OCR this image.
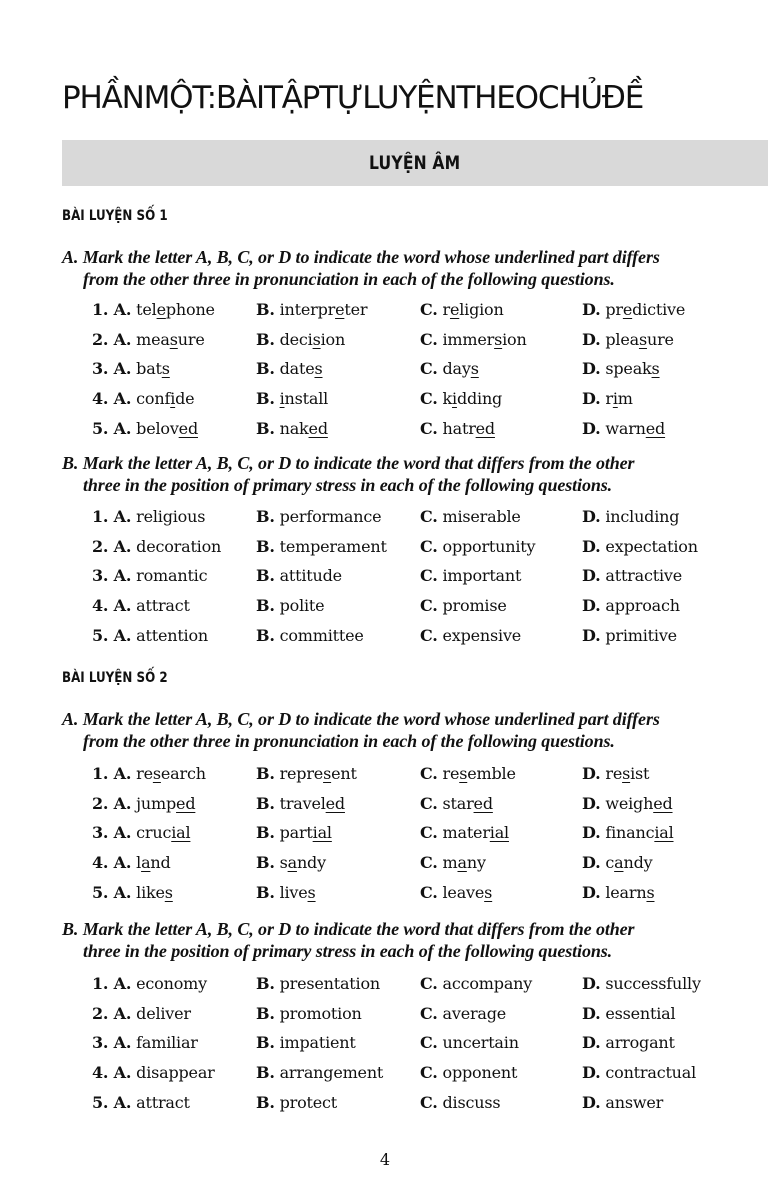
PHẦNMỘT:BÀITẬPTỰLUYỆNTHEOCHỦĐỀ
LUYỆN ÂM
BÀI LUYỆN SỐ 1
A. Mark the letter A, B, C, or D to indicate the word whose underlined part differs
from the other three in pronunciation in each of the following questions.
1. A. telephone	B. interpreter	C. religion	D. predictive
2. A. measure	B. decision	C. immersion	D. pleasure
3. A. bats	B. dates	C. days	D. speaks
4. A. confide	B. install	C. kidding	D. rim
5. A. beloved	B. naked	C. hatred	D. warned
B. Mark the letter A, B, C, or D to indicate the word that differs from the other
three in the position of primary stress in each of the following questions.
1. A. religious	B. performance C. miserable	D. including
2. A. decoration B. temperament C. opportunity	D. expectation
3. A. romantic	B. attitude	C. important	D. attractive
4. A. attract	B. polite	C. promise	D. approach
5. A. attention	B. committee	C. expensive	D. primitive
BÀI LUYỆN SỐ 2
A. Mark the letter A, B, C, or D to indicate the word whose underlined part differs
from the other three in pronunciation in each of the following questions.
1. A. research	B. represent	C. resemble	D. resist
2. A. jumped	B. traveled	C. stared	D. weighed
3. A. crucial	B. partial	C. material	D. financial
4. A. land	B. sandy	C. many	D. candy
5. A. likes	B. lives	C. leaves	D. learns
B. Mark the letter A, B, C, or D to indicate the word that differs from the other
three in the position of primary stress in each of the following questions.
1. A. economy	B. presentation	C. accompany	D. successfully
2. A. deliver	B. promotion	C. average	D. essential
3. A. familiar	B. impatient	C. uncertain	D. arrogant
4. A. disappear	B. arrangement C. opponent	D. contractual
5. A. attract	B. protect	C. discuss	D. answer
4
